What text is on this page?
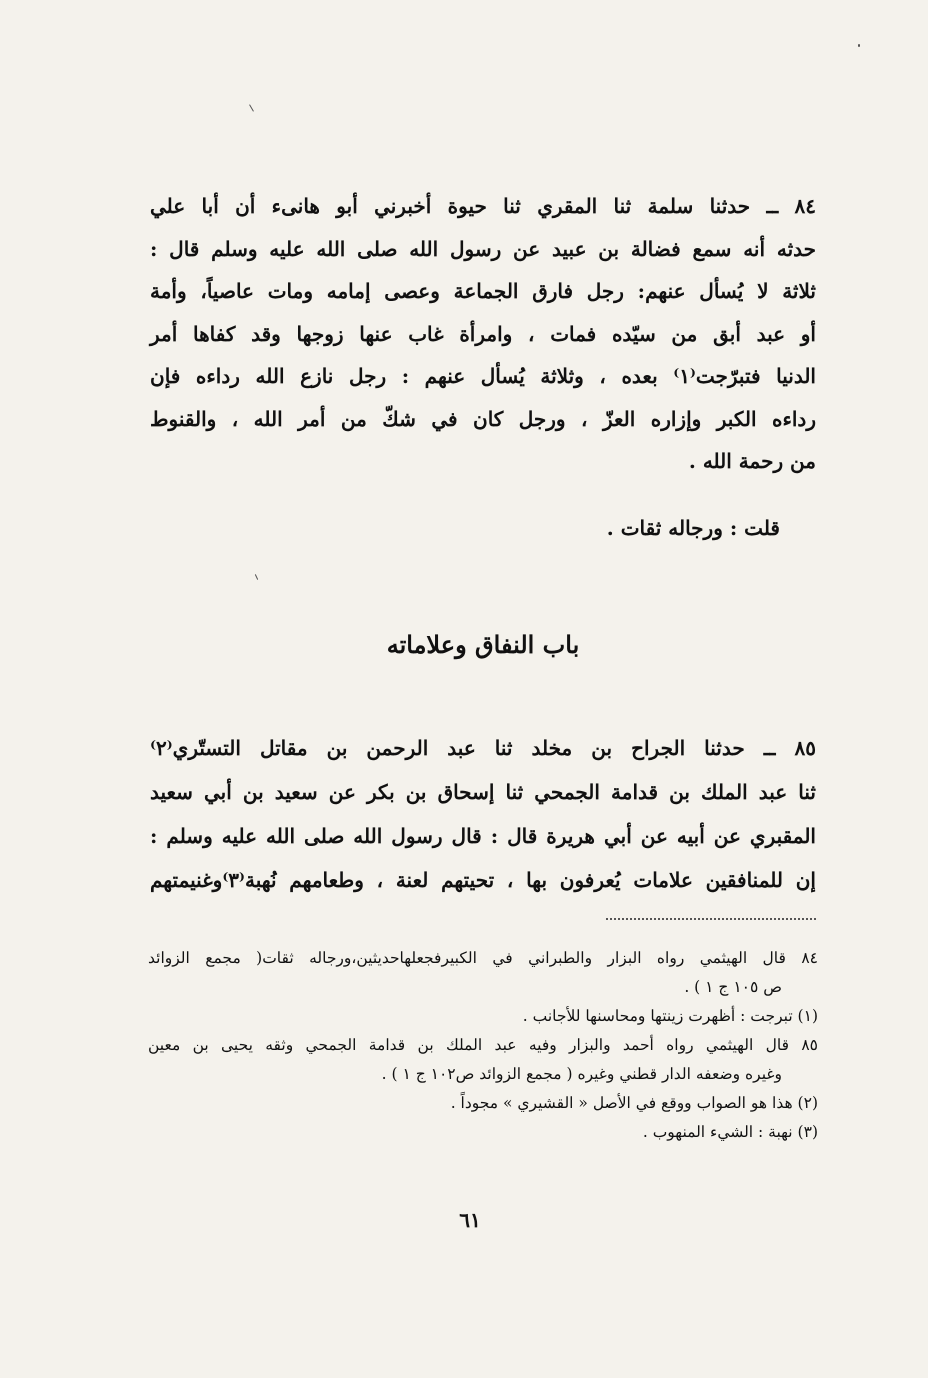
٨٤ ــ حدثنا سلمة ثنا المقري ثنا حيوة أخبرني أبو هانىء أن أبا علي
حدثه أنه سمع فضالة بن عبيد عن رسول الله صلى الله عليه وسلم قال :
ثلاثة لا يُسأل عنهم: رجل فارق الجماعة وعصى إمامه ومات عاصياً، وأمة
أو عبد أبق من سيّده فمات ، وامرأة غاب عنها زوجها وقد كفاها أمر
الدنيا فتبرّجت⁽١⁾ بعده ، وثلاثة يُسأل عنهم : رجل نازع الله رداءه فإن
رداءه الكبر وإزاره العزّ ، ورجل كان في شكّ من أمر الله ، والقنوط
من رحمة الله .
قلت : ورجاله ثقات .
باب النفاق وعلاماته
٨٥ ــ حدثنا الجراح بن مخلد ثنا عبد الرحمن بن مقاتل التستّري⁽٢⁾
ثنا عبد الملك بن قدامة الجمحي ثنا إسحاق بن بكر عن سعيد بن أبي سعيد
المقبري عن أبيه عن أبي هريرة قال : قال رسول الله صلى الله عليه وسلم :
إن للمنافقين علامات يُعرفون بها ، تحيتهم لعنة ، وطعامهم نُهبة⁽٣⁾وغنيمتهم
٨٤ قال الهيثمي رواه البزار والطبراني في الكبيرفجعلهاحديثين،ورجاله ثقات( مجمع الزوائد
ص ١٠٥ ج ١ ) .
(١) تبرجت : أظهرت زينتها ومحاسنها للأجانب .
٨٥ قال الهيثمي رواه أحمد والبزار وفيه عبد الملك بن قدامة الجمحي وثقه يحيى بن معين
وغيره وضعفه الدار قطني وغيره ( مجمع الزوائد ص١٠٢ ج ١ ) .
(٢) هذا هو الصواب ووقع في الأصل « القشيري » مجوداً .
(٣) نهبة : الشيء المنهوب .
٦١
